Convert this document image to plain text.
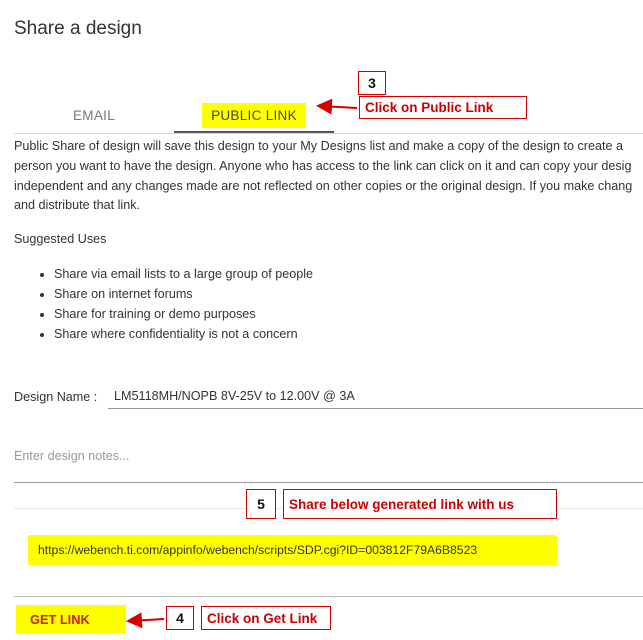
Share a design
EMAIL	PUBLIC LINK
Public Share of design will save this design to your My Designs list and make a copy of the design to create a
person you want to have the design. Anyone who has access to the link can click on it and can copy your desig
independent and any changes made are not reflected on other copies or the original design. If you make chang
and distribute that link.
Suggested Uses
• Share via email lists to a large group of people
• Share on internet forums
• Share for training or demo purposes
• Share where confidentiality is not a concern
Design Name : LM5118MH/NOPB 8V-25V to 12.00V @ 3A
Enter design notes...
https://webench.ti.com/appinfo/webench/scripts/SDP.cgi?ID=003812F79A6B8523
GET LINK
3
Click on Public Link
5	Share below generated link with us
4	Click on Get Link
